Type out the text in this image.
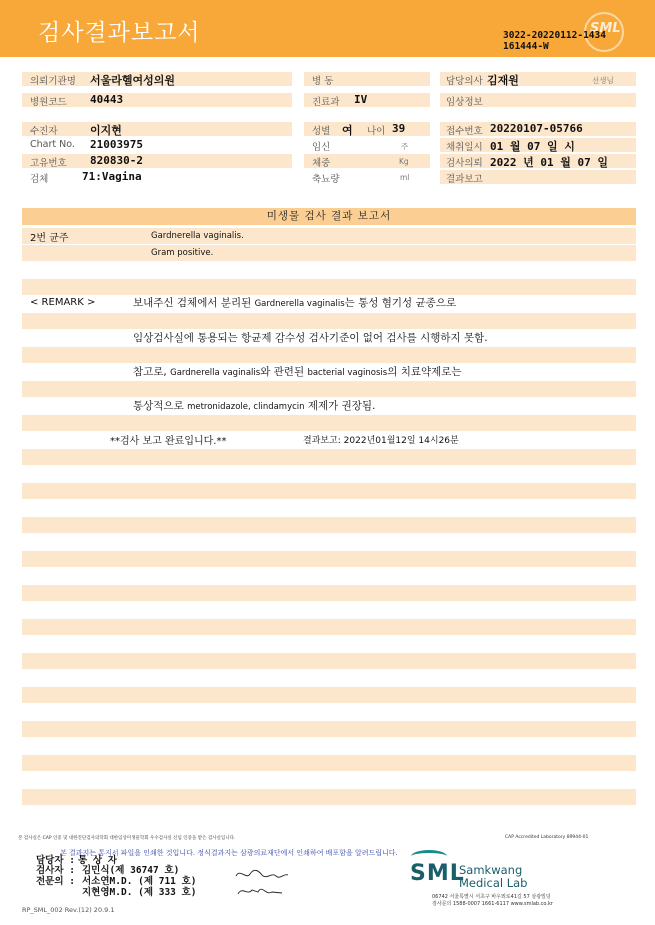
검사결과보고서	SML
3022-20220112-1434
161444-W
의뢰기관명 서울라헬여성의원
병원코드 40443
병 동
진료과 IV
담당의사 김재원	선생님
임상정보
수진자	이지현
Chart No. 21003975
고유번호 820830-2
검체	71:Vagina
성별 여 나이 39
임신	주
체중	Kg
축뇨량	ml
접수번호 20220107-05766
채취일시 01 월 07 일 시
검사의뢰 2022 년 01 월 07 일
결과보고
미생물 검사 결과 보고서
2번 균주	Gardnerella vaginalis.
Gram positive.
< REMARK >	보내주신 검체에서 분리된 Gardnerella vaginalis는 통성 혐기성 균종으로
임상검사실에 통용되는 항균제 감수성 검사기준이 없어 검사를 시행하지 못함.
참고로, Gardnerella vaginalis와 관련된 bacterial vaginosis의 치료약제로는
통상적으로 metronidazole, clindamycin 제제가 권장됨.
**검사 보고 완료입니다.**	결과보고: 2022년01월12일 14시26분
본 검사실은 CAP 인증 및 대한진단검사의학회 대한임상미생물학회 우수검사실 신임 인증을 받은 검사실입니다.	CAP Accredited Laboratory 89944-01
본 결과지는 통지서 파일을 인쇄한 것입니다. 정식결과지는 삼광의료재단에서 인쇄하여 배포함을 알려드립니다.
담당자 : 통 상 자
검사자 : 김민식(제 36747 호)
전문의 : 서소연M.D. (제 711 호)
지현영M.D. (제 333 호)
SML
Samkwang
Medical Lab
06742 서울특별시 서초구 바우뫼로41길 57 삼광빌딩
검사문의 1588-0007 1661-6117 www.smlab.co.kr
RP_SML_002 Rev.(12) 20.9.1
